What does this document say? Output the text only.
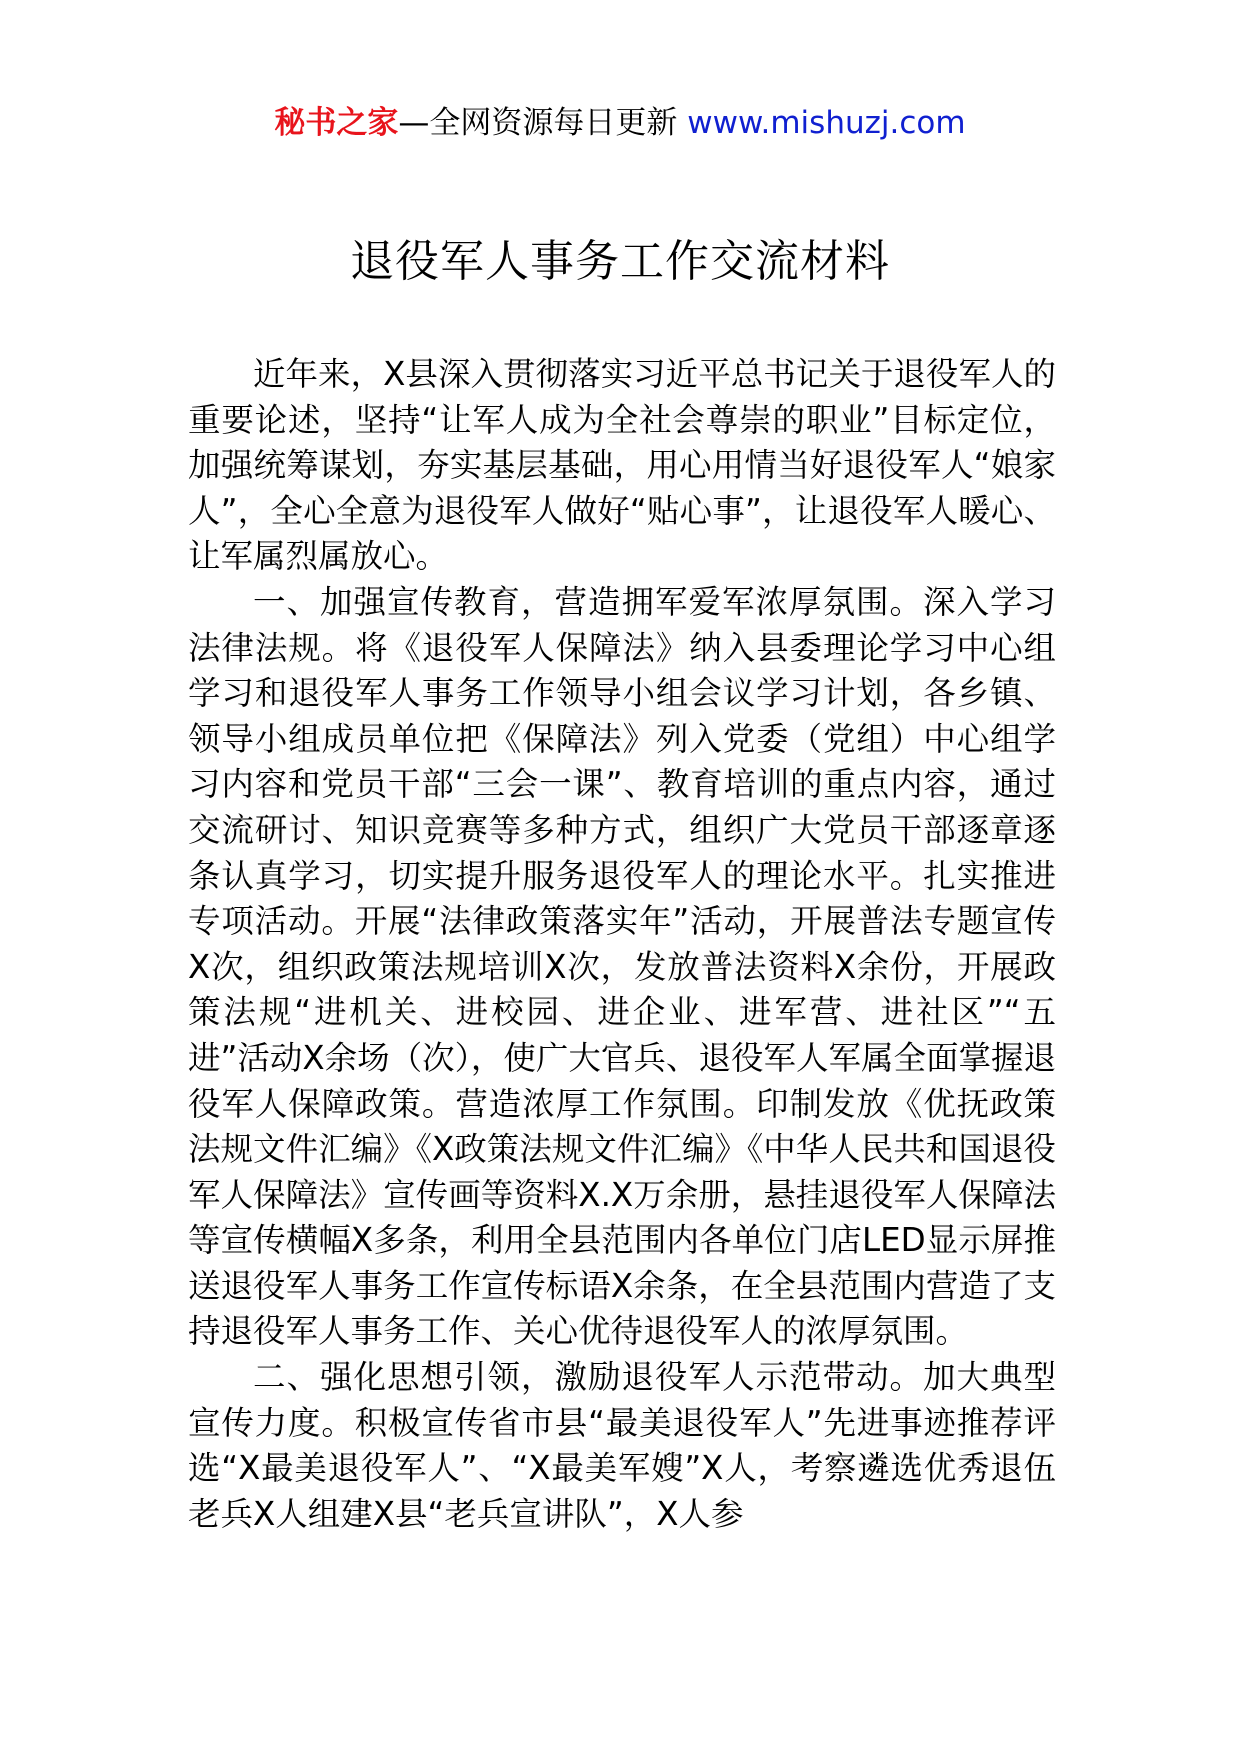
秘书之家—全网资源每日更新 www.mishuzj.com
退役军人事务工作交流材料

近年来，X县深入贯彻落实习近平总书记关于退役军人的重要论述，坚持“让军人成为全社会尊崇的职业”目标定位，加强统筹谋划，夯实基层基础，用心用情当好退役军人“娘家人”，全心全意为退役军人做好“贴心事”，让退役军人暖心、让军属烈属放心。

一、加强宣传教育，营造拥军爱军浓厚氛围。深入学习法律法规。将《退役军人保障法》纳入县委理论学习中心组学习和退役军人事务工作领导小组会议学习计划，各乡镇、领导小组成员单位把《保障法》列入党委（党组）中心组学习内容和党员干部“三会一课”、教育培训的重点内容，通过交流研讨、知识竞赛等多种方式，组织广大党员干部逐章逐条认真学习，切实提升服务退役军人的理论水平。扎实推进专项活动。开展“法律政策落实年”活动，开展普法专题宣传X次，组织政策法规培训X次，发放普法资料X余份，开展政策法规“进机关、进校园、进企业、进军营、进社区”“五进”活动X余场（次），使广大官兵、退役军人军属全面掌握退役军人保障政策。营造浓厚工作氛围。印制发放《优抚政策法规文件汇编》《X政策法规文件汇编》《中华人民共和国退役军人保障法》宣传画等资料X.X万余册，悬挂退役军人保障法等宣传横幅X多条，利用全县范围内各单位门店LED显示屏推送退役军人事务工作宣传标语X余条，在全县范围内营造了支持退役军人事务工作、关心优待退役军人的浓厚氛围。

二、强化思想引领，激励退役军人示范带动。加大典型宣传力度。积极宣传省市县“最美退役军人”先进事迹推荐评选“X最美退役军人”、“X最美军嫂”X人，考察遴选优秀退伍老兵X人组建X县“老兵宣讲队”，X人参
